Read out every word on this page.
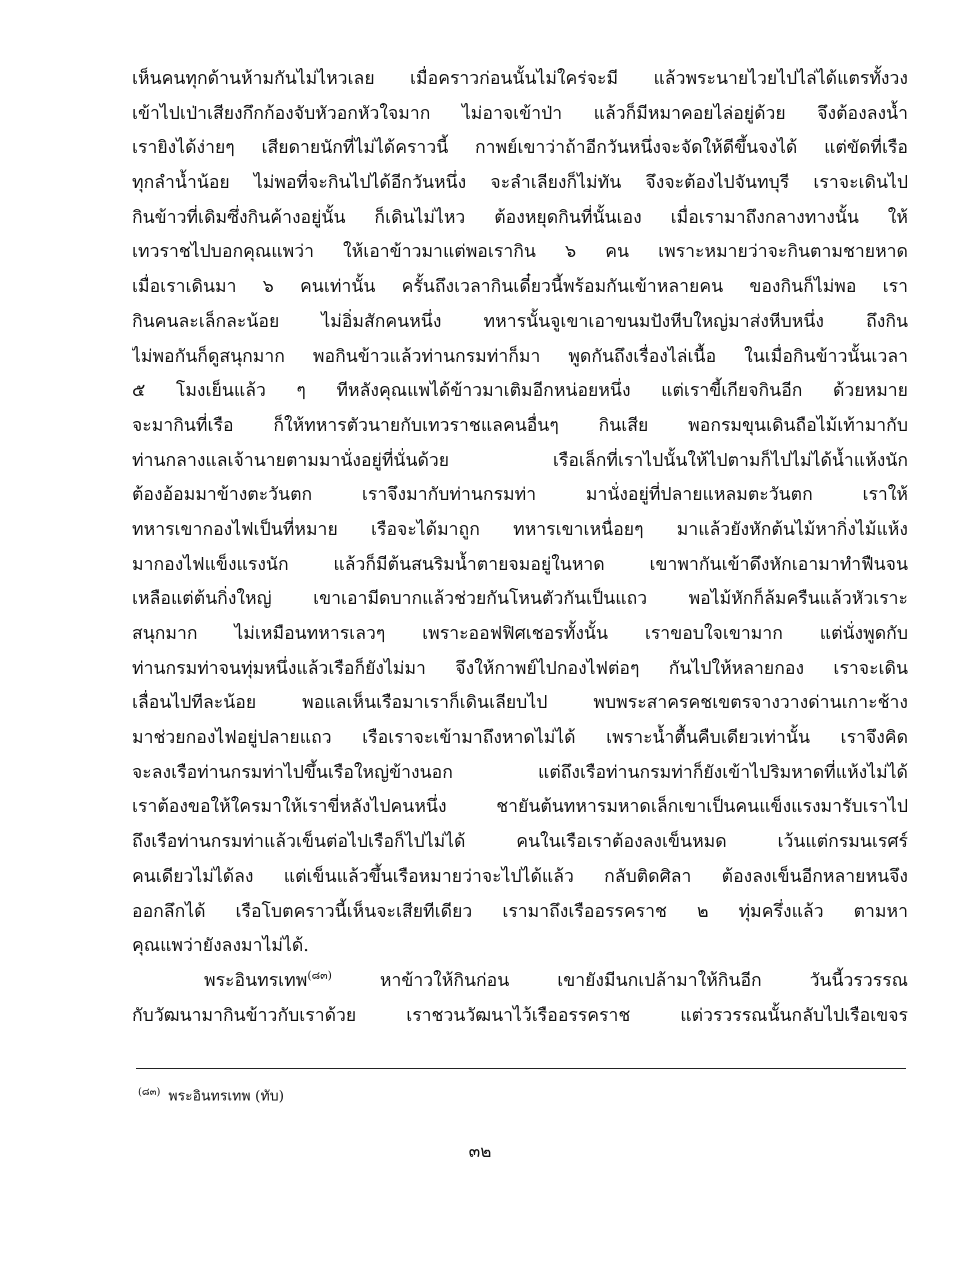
เห็นคนทุกด้านห้ามกันไม่ไหวเลย เมื่อคราวก่อนนั้นไม่ใคร่จะมี แล้วพระนายไวยไปไล่ได้แตรทั้งวง
เข้าไปเป่าเสียงกึกก้องจับหัวอกหัวใจมาก ไม่อาจเข้าป่า แล้วก็มีหมาคอยไล่อยู่ด้วย จึงต้องลงน้ำ
เรายิงได้ง่ายๆ เสียดายนักที่ไม่ได้คราวนี้ กาพย์เขาว่าถ้าอีกวันหนึ่งจะจัดให้ดีขึ้นจงได้ แต่ขัดที่เรือ
ทุกลำน้ำน้อย ไม่พอที่จะกินไปได้อีกวันหนึ่ง จะลำเลียงก็ไม่ทัน จึงจะต้องไปจันทบุรี เราจะเดินไป
กินข้าวที่เดิมซึ่งกินค้างอยู่นั้น ก็เดินไม่ไหว ต้องหยุดกินที่นั้นเอง เมื่อเรามาถึงกลางทางนั้น ให้
เทวราชไปบอกคุณแพว่า ให้เอาข้าวมาแต่พอเรากิน ๖ คน เพราะหมายว่าจะกินตามชายหาด
เมื่อเราเดินมา ๖ คนเท่านั้น ครั้นถึงเวลากินเดี๋ยวนี้พร้อมกันเข้าหลายคน ของกินก็ไม่พอ เรา
กินคนละเล็กละน้อย ไม่อิ่มสักคนหนึ่ง ทหารนั้นจูเขาเอาขนมปังหีบใหญ่มาส่งหีบหนึ่ง ถึงกิน
ไม่พอกันก็ดูสนุกมาก พอกินข้าวแล้วท่านกรมท่าก็มา พูดกันถึงเรื่องไล่เนื้อ ในเมื่อกินข้าวนั้นเวลา
๕ โมงเย็นแล้ว ๆ ทีหลังคุณแพได้ข้าวมาเติมอีกหน่อยหนึ่ง แต่เราขี้เกียจกินอีก ด้วยหมาย
จะมากินที่เรือ ก็ให้ทหารตัวนายกับเทวราชแลคนอื่นๆ กินเสีย พอกรมขุนเดินถือไม้เท้ามากับ
ท่านกลางแลเจ้านายตามมานั่งอยู่ที่นั่นด้วย เรือเล็กที่เราไปนั้นให้ไปตามก็ไปไม่ได้น้ำแห้งนัก
ต้องอ้อมมาข้างตะวันตก เราจึงมากับท่านกรมท่า มานั่งอยู่ที่ปลายแหลมตะวันตก เราให้
ทหารเขากองไฟเป็นที่หมาย เรือจะได้มาถูก ทหารเขาเหนื่อยๆ มาแล้วยังหักต้นไม้หากิ่งไม้แห้ง
มากองไฟแข็งแรงนัก แล้วก็มีต้นสนริมน้ำตายจมอยู่ในหาด เขาพากันเข้าดึงหักเอามาทำฟืนจน
เหลือแต่ต้นกิ่งใหญ่ เขาเอามีดบากแล้วช่วยกันโหนตัวกันเป็นแถว พอไม้หักก็ล้มครืนแล้วหัวเราะ
สนุกมาก ไม่เหมือนทหารเลวๆ เพราะออฟฟิศเชอรทั้งนั้น เราขอบใจเขามาก แต่นั่งพูดกับ
ท่านกรมท่าจนทุ่มหนึ่งแล้วเรือก็ยังไม่มา จึงให้กาพย์ไปกองไฟต่อๆ กันไปให้หลายกอง เราจะเดิน
เลื่อนไปทีละน้อย พอแลเห็นเรือมาเราก็เดินเลียบไป พบพระสาครคชเขตรจางวางด่านเกาะช้าง
มาช่วยกองไฟอยู่ปลายแถว เรือเราจะเข้ามาถึงหาดไม่ได้ เพราะน้ำตื้นคืบเดียวเท่านั้น เราจึงคิด
จะลงเรือท่านกรมท่าไปขึ้นเรือใหญ่ข้างนอก แต่ถึงเรือท่านกรมท่าก็ยังเข้าไปริมหาดที่แห้งไม่ได้
เราต้องขอให้ใครมาให้เราขี่หลังไปคนหนึ่ง ชายันต้นทหารมหาดเล็กเขาเป็นคนแข็งแรงมารับเราไป
ถึงเรือท่านกรมท่าแล้วเข็นต่อไปเรือก็ไปไม่ได้ คนในเรือเราต้องลงเข็นหมด เว้นแต่กรมนเรศร์
คนเดียวไม่ได้ลง แต่เข็นแล้วขึ้นเรือหมายว่าจะไปได้แล้ว กลับติดศิลา ต้องลงเข็นอีกหลายหนจึง
ออกลึกได้ เรือโบตคราวนี้เห็นจะเสียทีเดียว เรามาถึงเรืออรรคราช ๒ ทุ่มครึ่งแล้ว ตามหา
คุณแพว่ายังลงมาไม่ได้.
พระอินทรเทพ$^{(๘๓)}$ หาข้าวให้กินก่อน เขายังมีนกเปล้ามาให้กินอีก วันนี้วรวรรณ
กับวัฒนามากินข้าวกับเราด้วย เราชวนวัฒนาไว้เรืออรรคราช แต่วรวรรณนั้นกลับไปเรือเขจร
$^{(๘๓)}$ พระอินทรเทพ (ทับ)
๓๒
